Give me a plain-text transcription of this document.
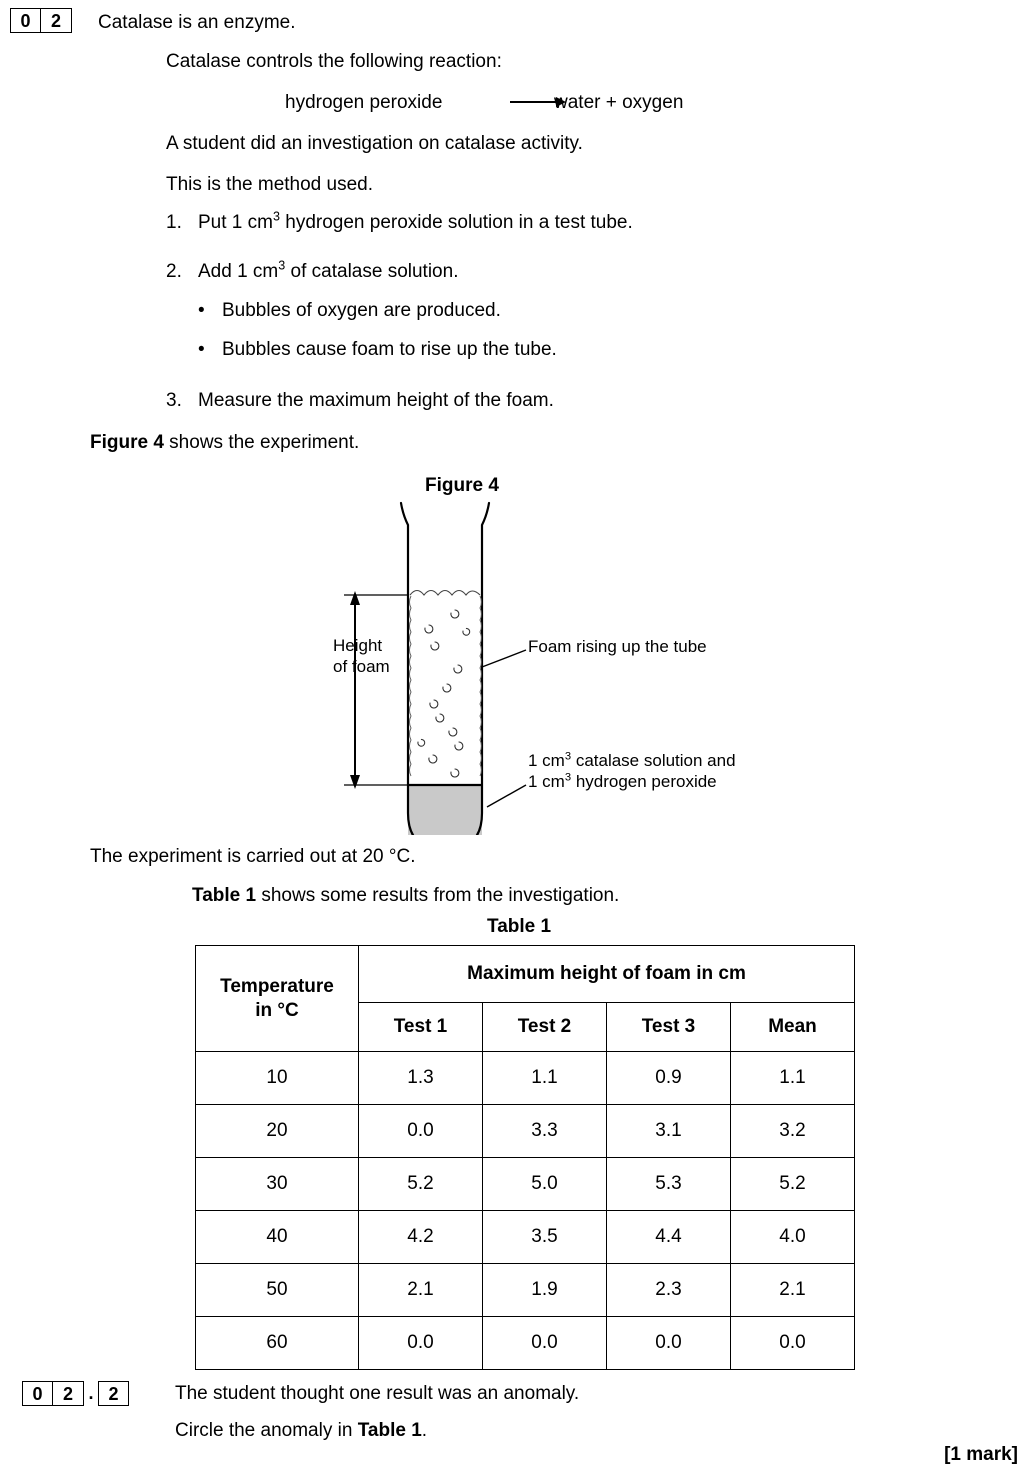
0	2	Catalase is an enzyme.
Catalase controls the following reaction:
hydrogen peroxide	water + oxygen
A student did an investigation on catalase activity.
This is the method used.
1. Put 1 $cm^3$ hydrogen peroxide solution in a test tube.
2. Add 1 $cm^3$ of catalase solution.
• Bubbles of oxygen are produced.
• Bubbles cause foam to rise up the tube.
3. Measure the maximum height of the foam.
Figure 4 shows the experiment.
Figure 4
Height
of foam
Foam rising up the tube
1 $cm^3$ catalase solution and
1 $cm^3$ hydrogen peroxide
The experiment is carried out at 20 °C.
Table 1 shows some results from the investigation.
Table 1
Temperature
in °C	Maximum height of foam in cm			
	Test 1	Test 2	Test 3	Mean
10	1.3	1.1	0.9	1.1
20	0.0	3.3	3.1	3.2
30	5.2	5.0	5.3	5.2
40	4.2	3.5	4.4	4.0
50	2.1	1.9	2.3	2.1
60	0.0	0.0	0.0	0.0
0	2 . 2	The student thought one result was an anomaly.
Circle the anomaly in Table 1.
[1 mark]
